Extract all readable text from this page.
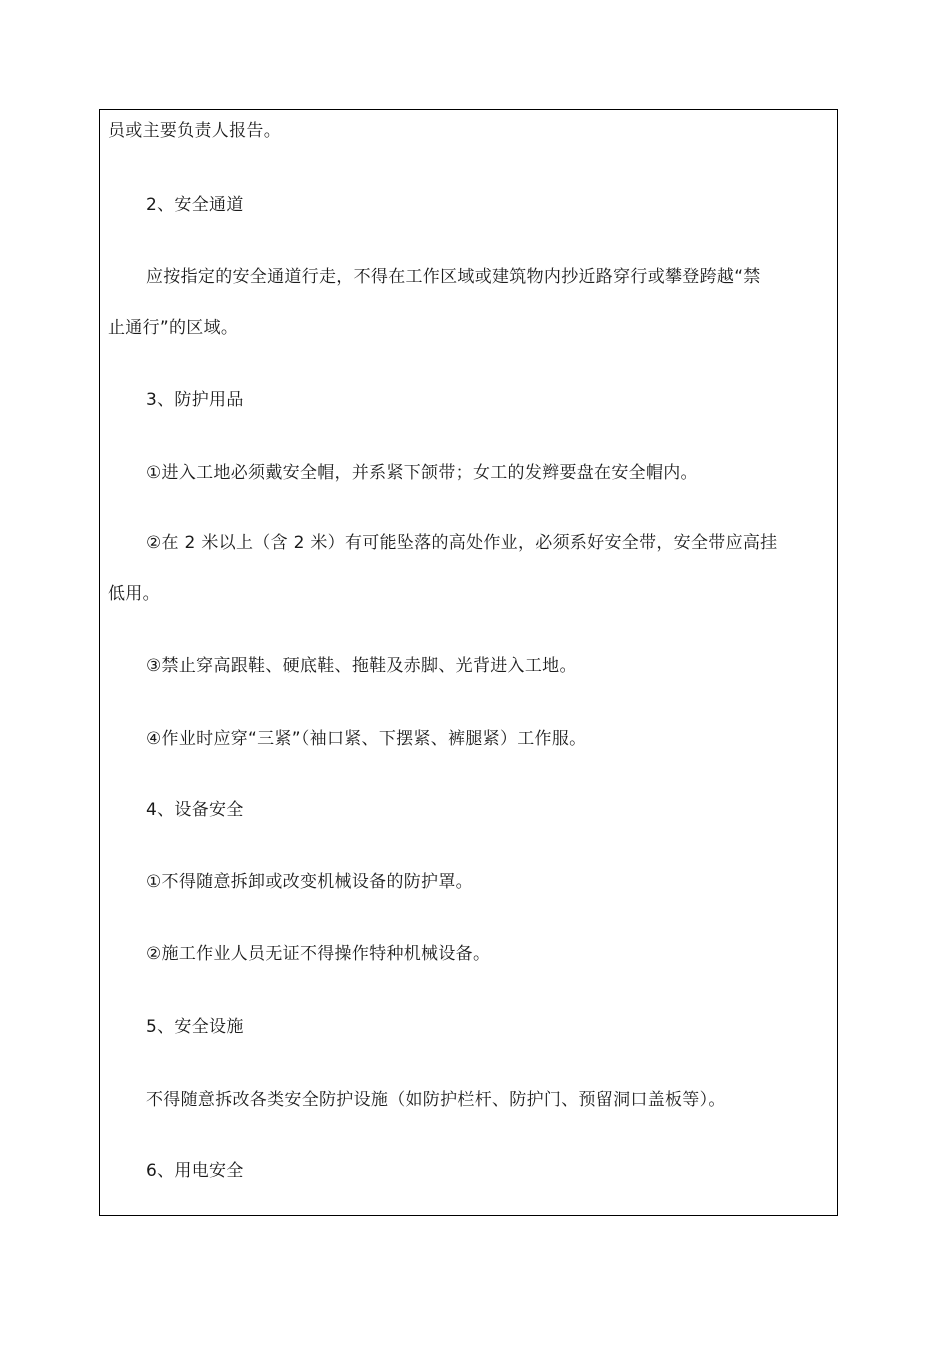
员或主要负责人报告。
2、安全通道
应按指定的安全通道行走，不得在工作区域或建筑物内抄近路穿行或攀登跨越“禁
止通行”的区域。
3、防护用品
①进入工地必须戴安全帽，并系紧下颌带；女工的发辫要盘在安全帽内。
②在 2 米以上（含 2 米）有可能坠落的高处作业，必须系好安全带，安全带应高挂
低用。
③禁止穿高跟鞋、硬底鞋、拖鞋及赤脚、光背进入工地。
④作业时应穿“三紧”（袖口紧、下摆紧、裤腿紧）工作服。
4、设备安全
①不得随意拆卸或改变机械设备的防护罩。
②施工作业人员无证不得操作特种机械设备。
5、安全设施
不得随意拆改各类安全防护设施（如防护栏杆、防护门、预留洞口盖板等）。
6、用电安全
